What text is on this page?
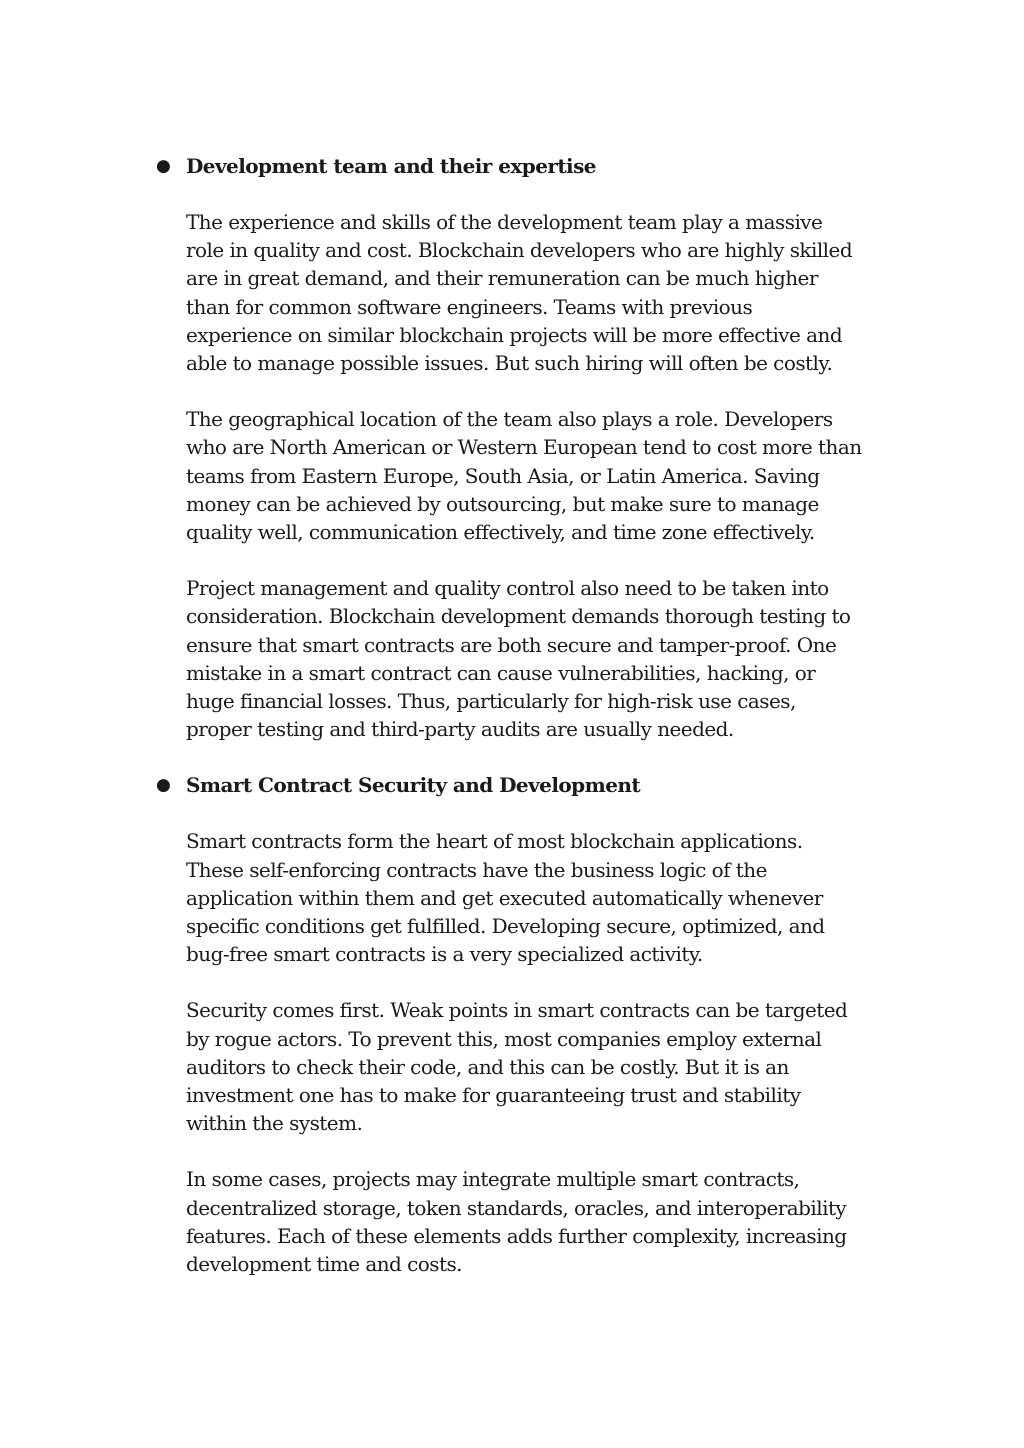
● Development team and their expertise

The experience and skills of the development team play a massive
role in quality and cost. Blockchain developers who are highly skilled
are in great demand, and their remuneration can be much higher
than for common software engineers. Teams with previous
experience on similar blockchain projects will be more effective and
able to manage possible issues. But such hiring will often be costly.

The geographical location of the team also plays a role. Developers
who are North American or Western European tend to cost more than
teams from Eastern Europe, South Asia, or Latin America. Saving
money can be achieved by outsourcing, but make sure to manage
quality well, communication effectively, and time zone effectively.

Project management and quality control also need to be taken into
consideration. Blockchain development demands thorough testing to
ensure that smart contracts are both secure and tamper-proof. One
mistake in a smart contract can cause vulnerabilities, hacking, or
huge financial losses. Thus, particularly for high-risk use cases,
proper testing and third-party audits are usually needed.

● Smart Contract Security and Development

Smart contracts form the heart of most blockchain applications.
These self-enforcing contracts have the business logic of the
application within them and get executed automatically whenever
specific conditions get fulfilled. Developing secure, optimized, and
bug-free smart contracts is a very specialized activity.

Security comes first. Weak points in smart contracts can be targeted
by rogue actors. To prevent this, most companies employ external
auditors to check their code, and this can be costly. But it is an
investment one has to make for guaranteeing trust and stability
within the system.

In some cases, projects may integrate multiple smart contracts,
decentralized storage, token standards, oracles, and interoperability
features. Each of these elements adds further complexity, increasing
development time and costs.
